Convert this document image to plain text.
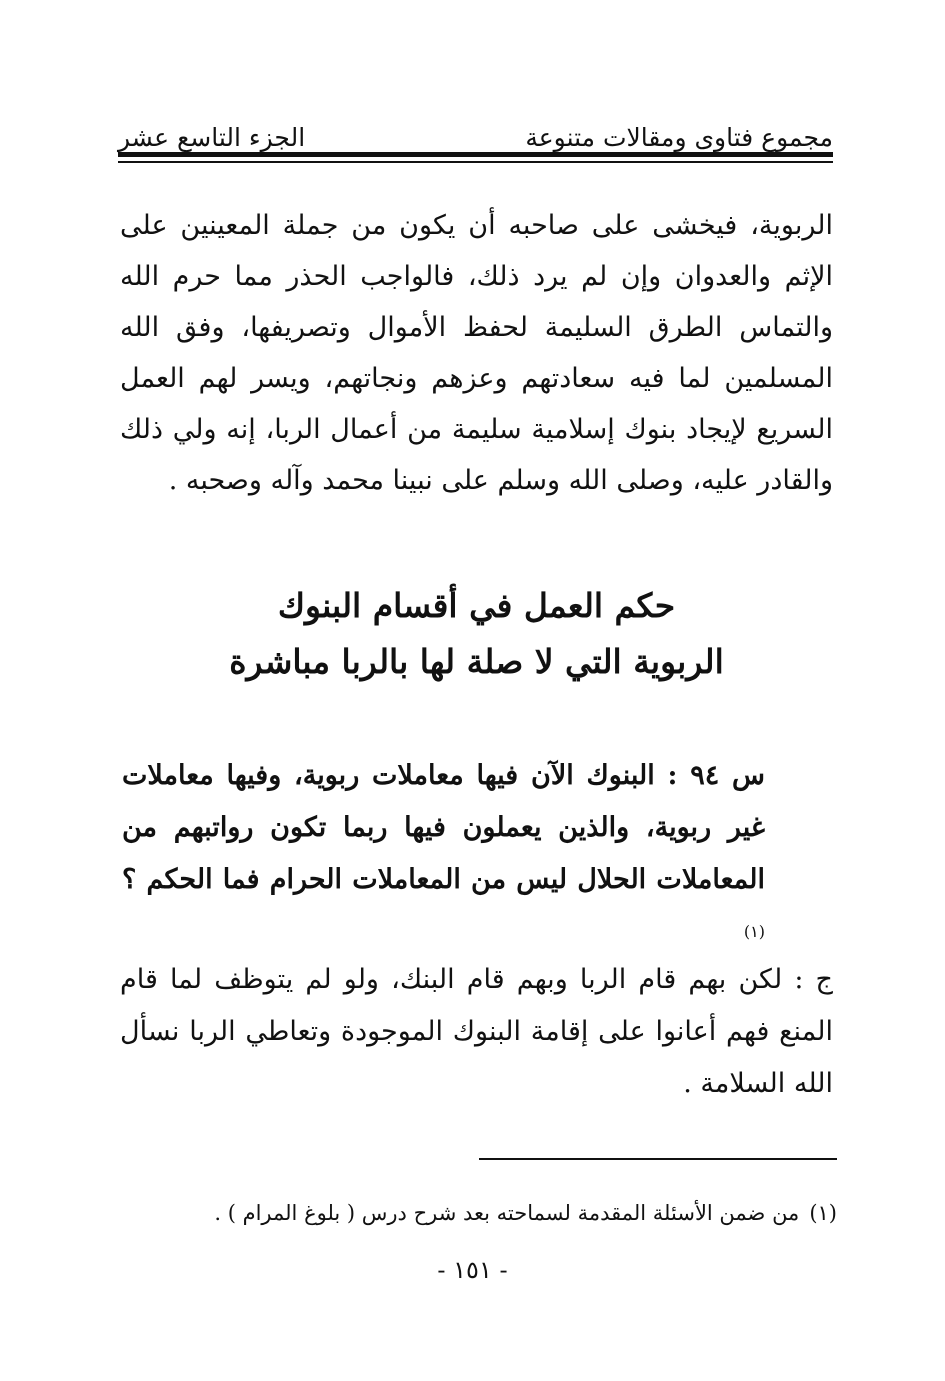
مجموع فتاوى ومقالات متنوعة
الجزء التاسع عشر

الربوية، فيخشى على صاحبه أن يكون من جملة المعينين على الإثم والعدوان وإن لم يرد ذلك، فالواجب الحذر مما حرم الله والتماس الطرق السليمة لحفظ الأموال وتصريفها، وفق الله المسلمين لما فيه سعادتهم وعزهم ونجاتهم، ويسر لهم العمل السريع لإيجاد بنوك إسلامية سليمة من أعمال الربا، إنه ولي ذلك والقادر عليه، وصلى الله وسلم على نبينا محمد وآله وصحبه .

حكم العمل في أقسام البنوك
الربوية التي لا صلة لها بالربا مباشرة

س ٩٤ : البنوك الآن فيها معاملات ربوية، وفيها معاملات غير ربوية، والذين يعملون فيها ربما تكون رواتبهم من المعاملات الحلال ليس من المعاملات الحرام فما الحكم ؟$^{(١)}$

ج : لكن بهم قام الربا وبهم قام البنك، ولو لم يتوظف لما قام المنع فهم أعانوا على إقامة البنوك الموجودة وتعاطي الربا نسأل الله السلامة .

(١)من ضمن الأسئلة المقدمة لسماحته بعد شرح درس ( بلوغ المرام ) .

- ١٥١ -
